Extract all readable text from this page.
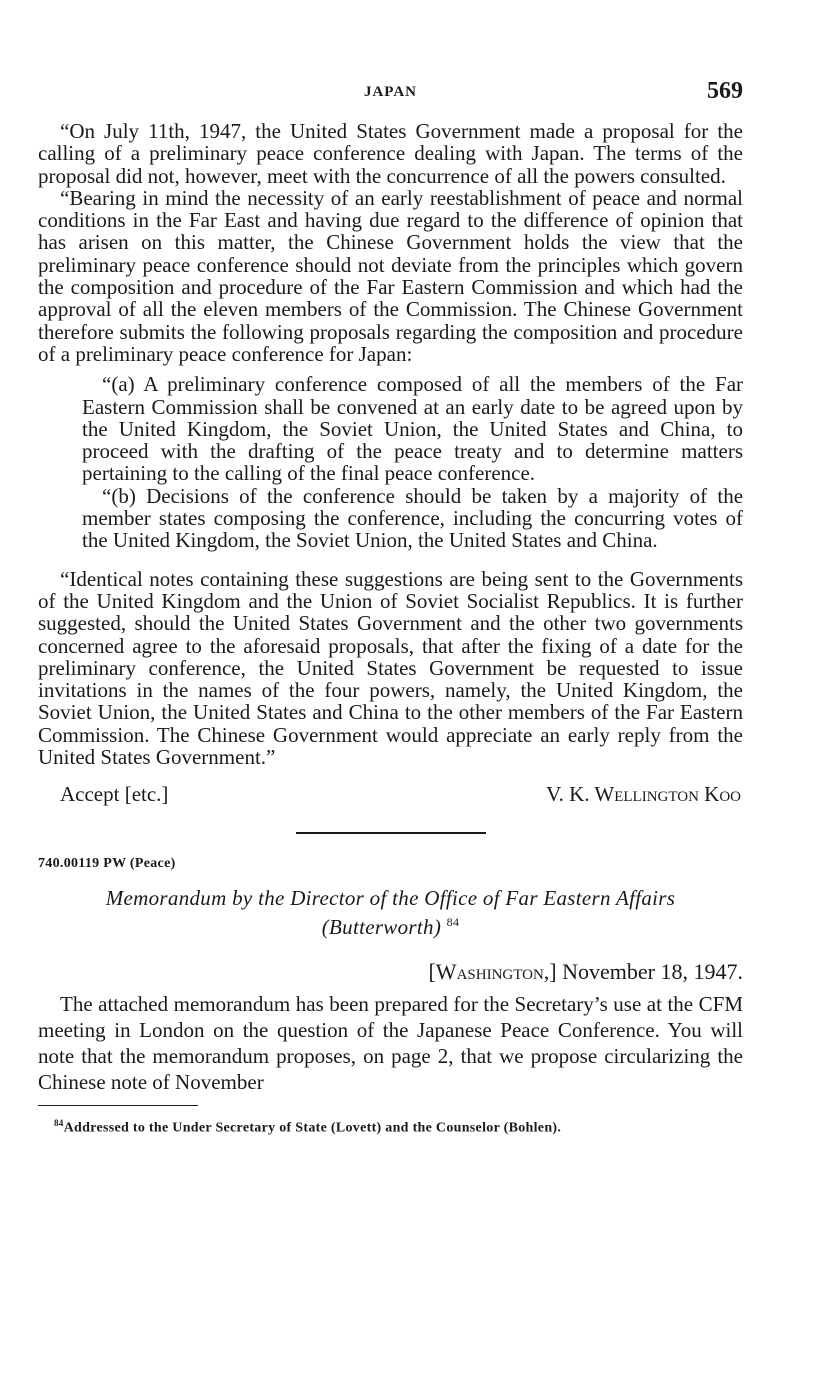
JAPAN	569

“On July 11th, 1947, the United States Government made a proposal for the calling of a preliminary peace conference dealing with Japan. The terms of the proposal did not, however, meet with the concurrence of all the powers consulted.

“Bearing in mind the necessity of an early reestablishment of peace and normal conditions in the Far East and having due regard to the difference of opinion that has arisen on this matter, the Chinese Government holds the view that the preliminary peace conference should not deviate from the principles which govern the composition and procedure of the Far Eastern Commission and which had the approval of all the eleven members of the Commission. The Chinese Government therefore submits the following proposals regarding the composition and procedure of a preliminary peace conference for Japan:

“(a) A preliminary conference composed of all the members of the Far Eastern Commission shall be convened at an early date to be agreed upon by the United Kingdom, the Soviet Union, the United States and China, to proceed with the drafting of the peace treaty and to determine matters pertaining to the calling of the final peace conference.

“(b) Decisions of the conference should be taken by a majority of the member states composing the conference, including the concurring votes of the United Kingdom, the Soviet Union, the United States and China.

“Identical notes containing these suggestions are being sent to the Governments of the United Kingdom and the Union of Soviet Socialist Republics. It is further suggested, should the United States Government and the other two governments concerned agree to the aforesaid proposals, that after the fixing of a date for the preliminary conference, the United States Government be requested to issue invitations in the names of the four powers, namely, the United Kingdom, the Soviet Union, the United States and China to the other members of the Far Eastern Commission. The Chinese Government would appreciate an early reply from the United States Government.”

Accept [etc.]	V. K. Wellington Koo
740.00119 PW (Peace)
Memorandum by the Director of the Office of Far Eastern Affairs
(Butterworth) $^{84}$
[Washington,] November 18, 1947.

The attached memorandum has been prepared for the Secretary’s use at the CFM meeting in London on the question of the Japanese Peace Conference. You will note that the memorandum proposes, on page 2, that we propose circularizing the Chinese note of November

$^{84}$Addressed to the Under Secretary of State (Lovett) and the Counselor (Bohlen).
